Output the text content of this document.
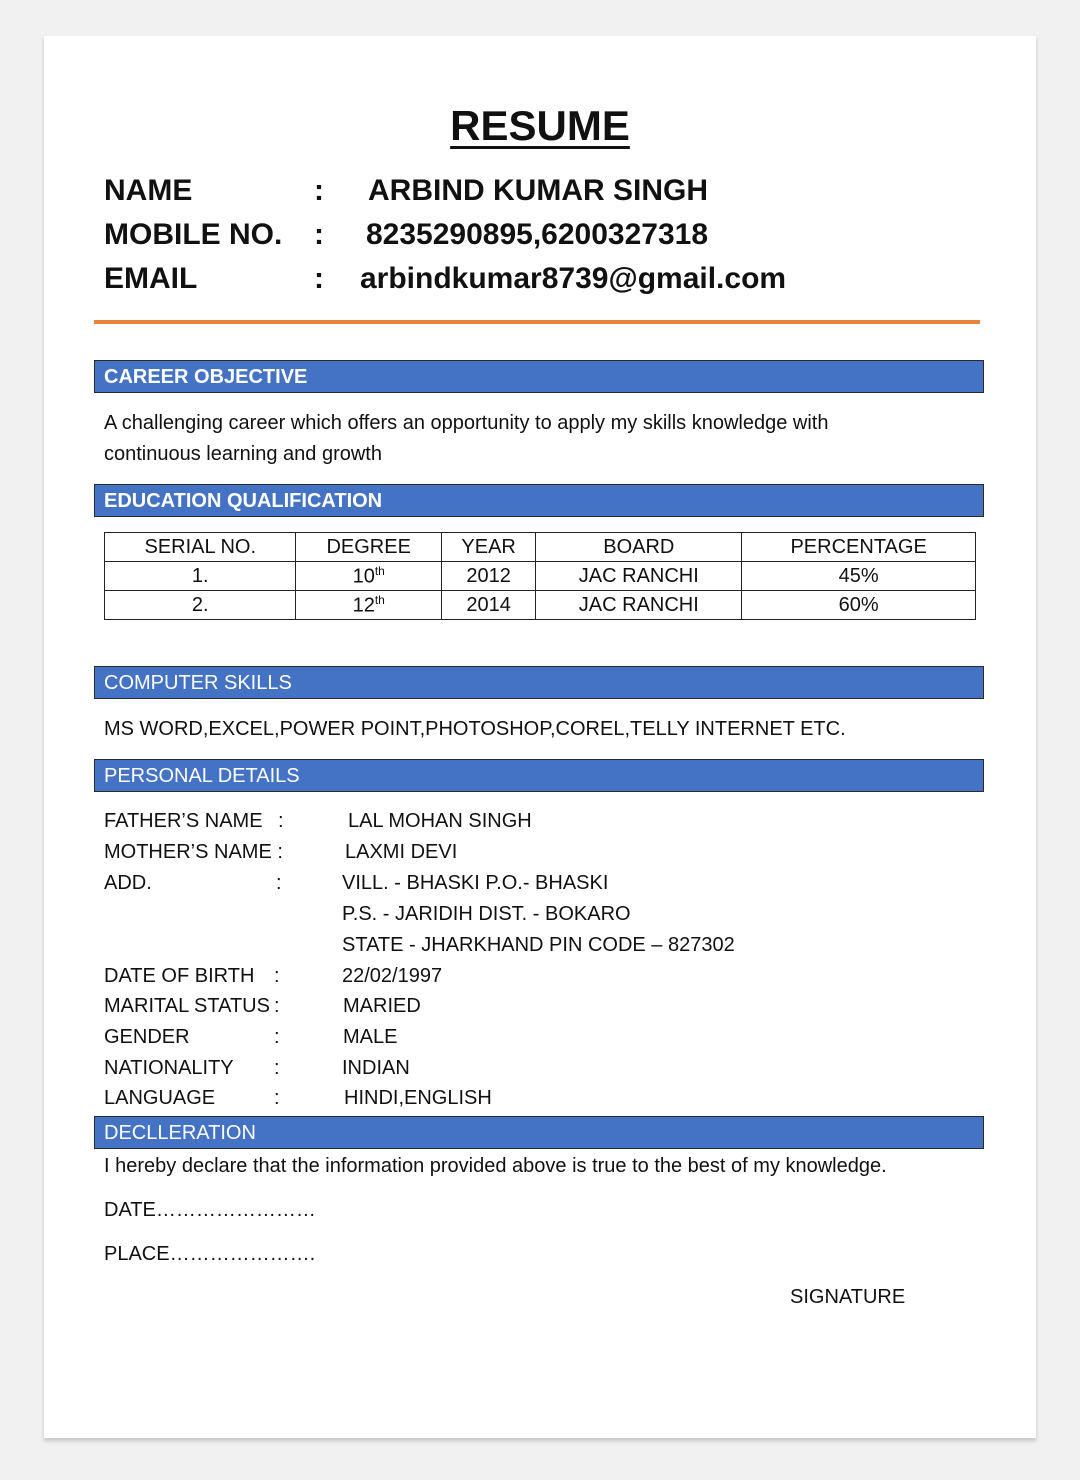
RESUME
NAME	: ARBIND KUMAR SINGH
MOBILE NO. : 8235290895,6200327318
EMAIL	: arbindkumar8739@gmail.com
CAREER OBJECTIVE
A challenging career which offers an opportunity to apply my skills knowledge with
continuous learning and growth
EDUCATION QUALIFICATION
SERIAL NO.	DEGREE	YEAR	BOARD	PERCENTAGE
1.	10th	2012	JAC RANCHI	45%
2.	12th	2014	JAC RANCHI	60%
COMPUTER SKILLS
MS WORD,EXCEL,POWER POINT,PHOTOSHOP,COREL,TELLY INTERNET ETC.
PERSONAL DETAILS
FATHER’S NAME :	LAL MOHAN SINGH
MOTHER’S NAME :	LAXMI DEVI
ADD.	:	VILL. - BHASKI P.O.- BHASKI
P.S. - JARIDIH DIST. - BOKARO
STATE - JHARKHAND PIN CODE – 827302
DATE OF BIRTH :	22/02/1997
MARITAL STATUS :	MARIED
GENDER	:	MALE
NATIONALITY :	INDIAN
LANGUAGE	:	HINDI,ENGLISH
DECLLERATION
I hereby declare that the information provided above is true to the best of my knowledge.
DATE……………………
PLACE………………….
SIGNATURE
